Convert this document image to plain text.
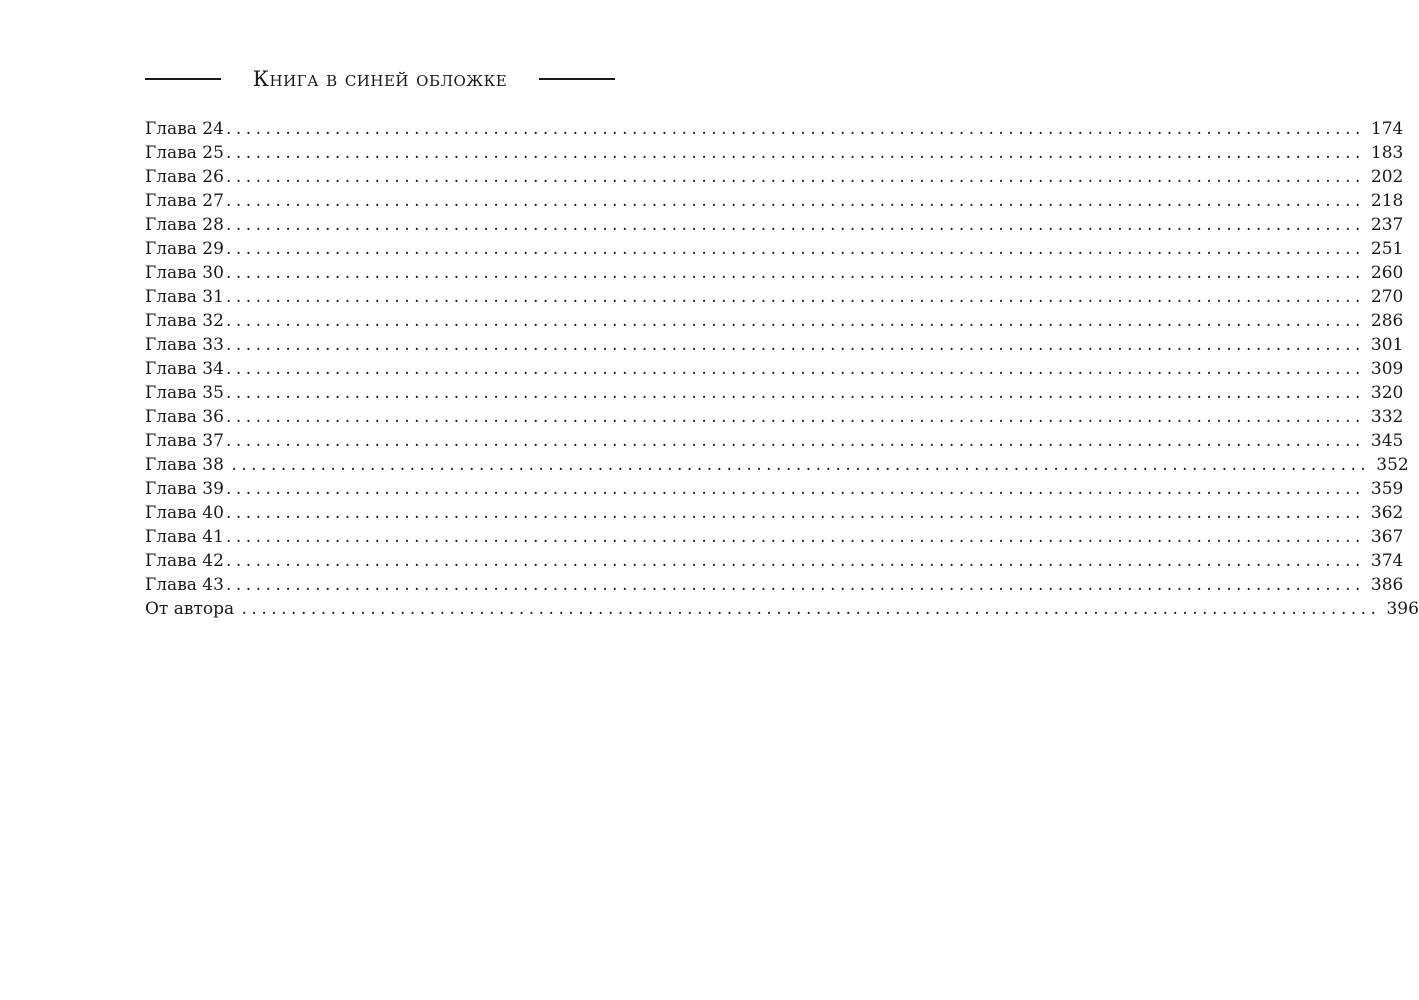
Книга в синей обложке
Глава 24 ................................................................................................................... 174
Глава 25 ................................................................................................................... 183
Глава 26 ................................................................................................................... 202
Глава 27 ................................................................................................................... 218
Глава 28 ................................................................................................................... 237
Глава 29 ................................................................................................................... 251
Глава 30 ................................................................................................................... 260
Глава 31 ................................................................................................................... 270
Глава 32 ................................................................................................................... 286
Глава 33 ................................................................................................................... 301
Глава 34 ................................................................................................................... 309
Глава 35 ................................................................................................................... 320
Глава 36 ................................................................................................................... 332
Глава 37 ................................................................................................................... 345
Глава 38 ................................................................................................................... 352
Глава 39 ................................................................................................................... 359
Глава 40 ................................................................................................................... 362
Глава 41 ................................................................................................................... 367
Глава 42 ................................................................................................................... 374
Глава 43 ................................................................................................................... 386
От автора ................................................................................................................... 396
